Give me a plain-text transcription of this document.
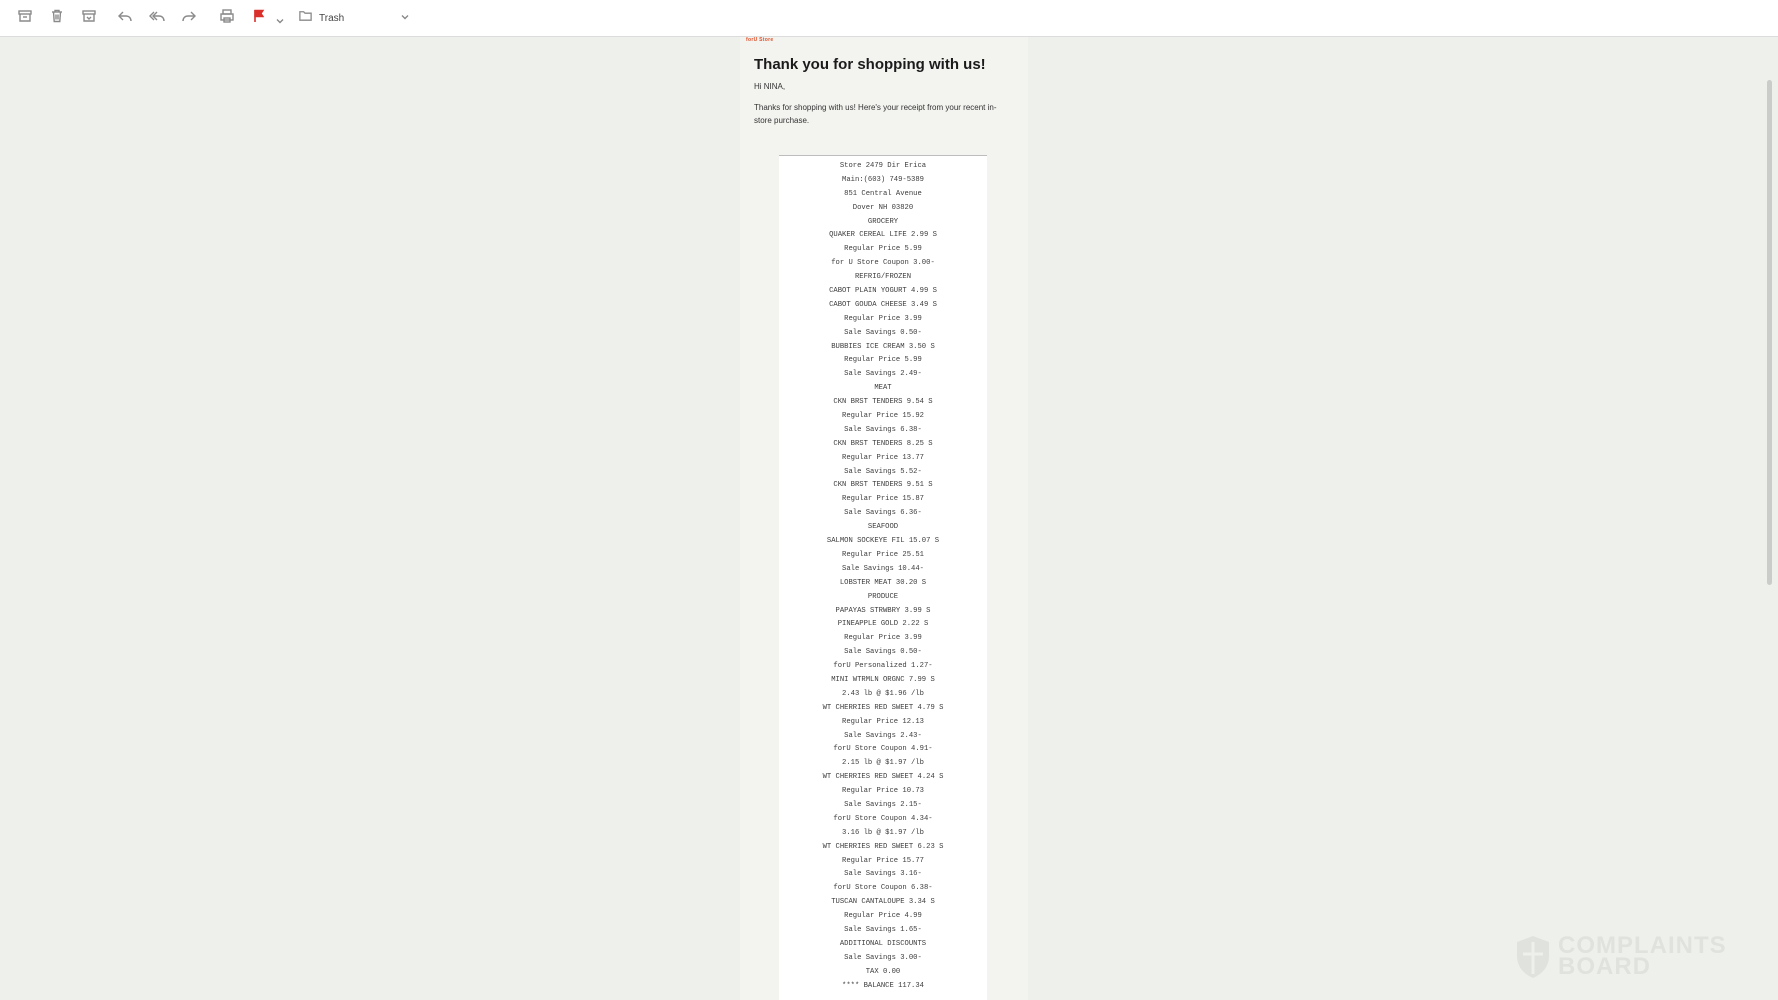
Trash
forU Store
Thank you for shopping with us!
Hi NINA,
Thanks for shopping with us! Here's your receipt from your recent in-store purchase.
Store 2479 Dir Erica
Main:(603) 749-5389
851 Central Avenue
Dover NH 03820
GROCERY
QUAKER CEREAL LIFE 2.99 S
Regular Price 5.99
for U Store Coupon 3.00-
REFRIG/FROZEN
CABOT PLAIN YOGURT 4.99 S
CABOT GOUDA CHEESE 3.49 S
Regular Price 3.99
Sale Savings 0.50-
BUBBIES ICE CREAM 3.50 S
Regular Price 5.99
Sale Savings 2.49-
MEAT
CKN BRST TENDERS 9.54 S
Regular Price 15.92
Sale Savings 6.38-
CKN BRST TENDERS 8.25 S
Regular Price 13.77
Sale Savings 5.52-
CKN BRST TENDERS 9.51 S
Regular Price 15.87
Sale Savings 6.36-
SEAFOOD
SALMON SOCKEYE FIL 15.07 S
Regular Price 25.51
Sale Savings 10.44-
LOBSTER MEAT 30.20 S
PRODUCE
PAPAYAS STRWBRY 3.99 S
PINEAPPLE GOLD 2.22 S
Regular Price 3.99
Sale Savings 0.50-
forU Personalized 1.27-
MINI WTRMLN ORGNC 7.99 S
2.43 lb @ $1.96 /lb
WT CHERRIES RED SWEET 4.79 S
Regular Price 12.13
Sale Savings 2.43-
forU Store Coupon 4.91-
2.15 lb @ $1.97 /lb
WT CHERRIES RED SWEET 4.24 S
Regular Price 10.73
Sale Savings 2.15-
forU Store Coupon 4.34-
3.16 lb @ $1.97 /lb
WT CHERRIES RED SWEET 6.23 S
Regular Price 15.77
Sale Savings 3.16-
forU Store Coupon 6.38-
TUSCAN CANTALOUPE 3.34 S
Regular Price 4.99
Sale Savings 1.65-
ADDITIONAL DISCOUNTS
Sale Savings 3.00-
TAX 0.00
**** BALANCE 117.34
COMPLAINTS
BOARD
